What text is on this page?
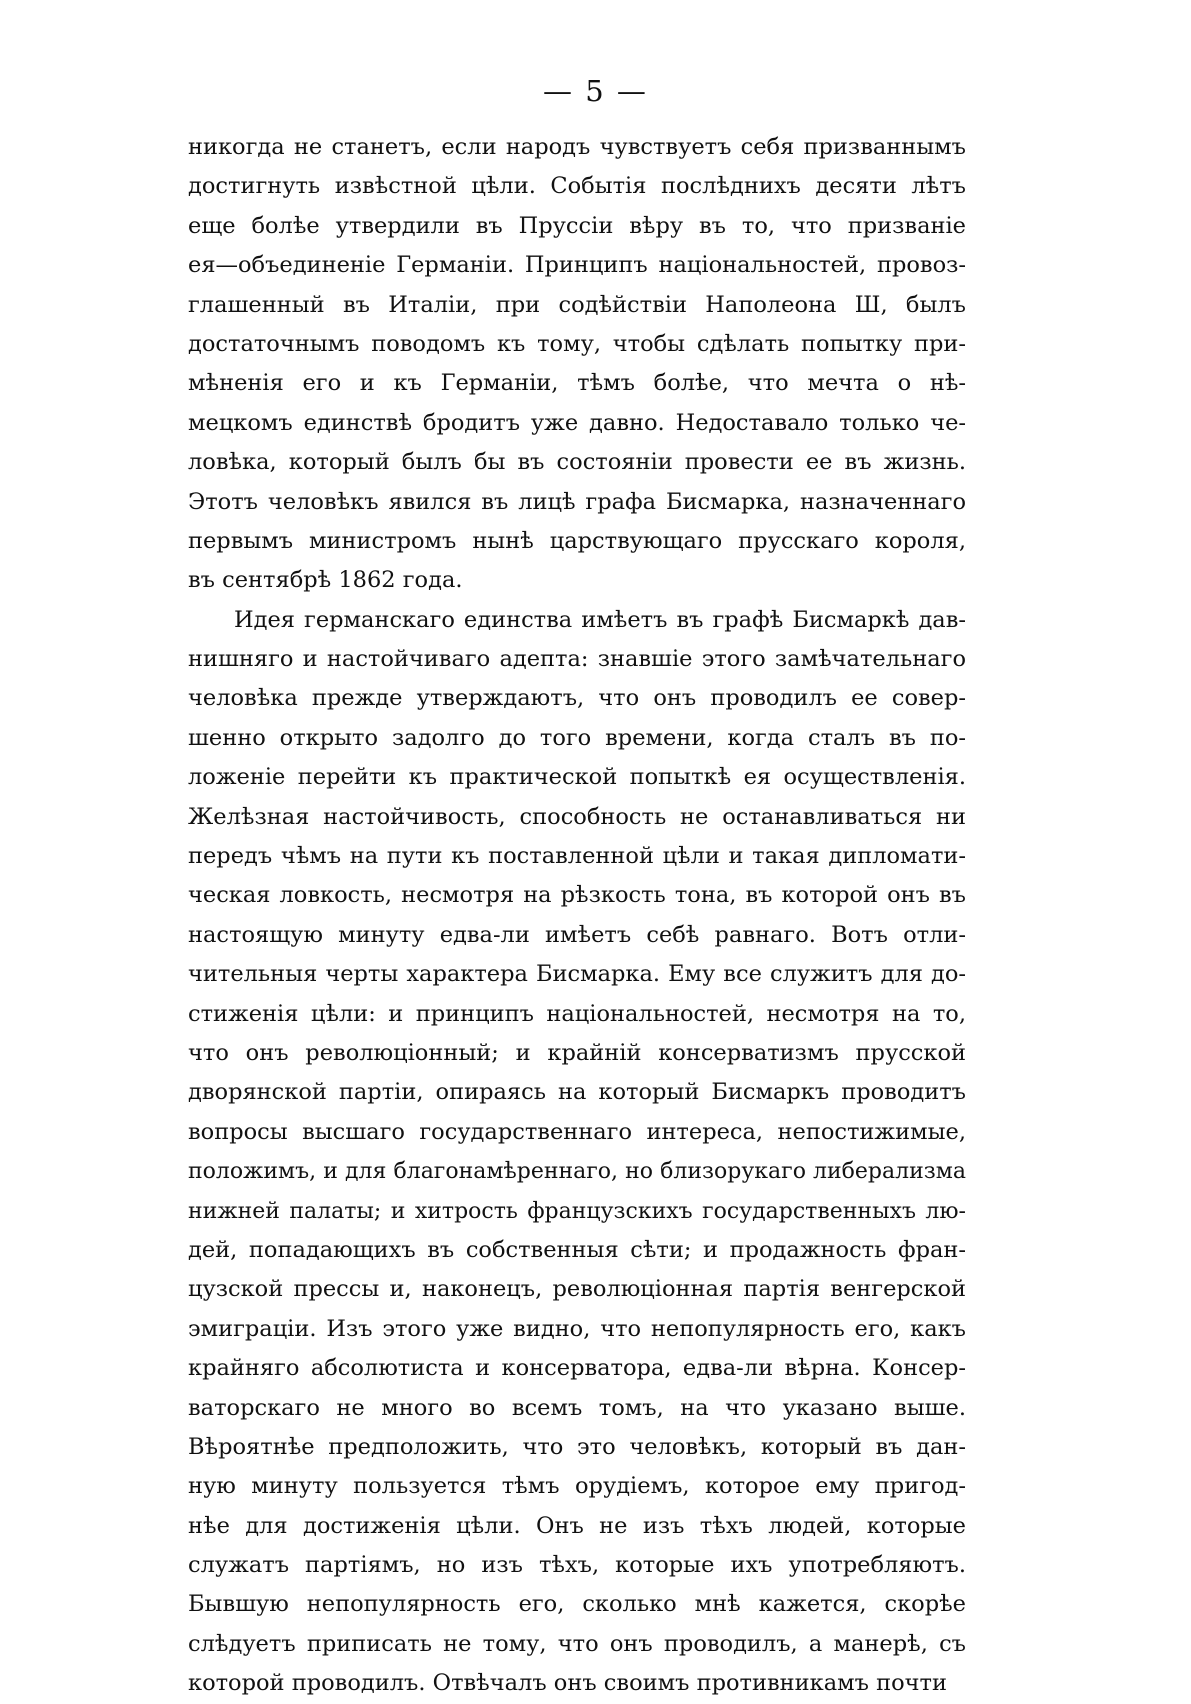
— 5 —
никогда не станетъ, если народъ чувствуетъ себя призваннымъ
достигнуть извѣстной цѣли. Событія послѣднихъ десяти лѣтъ
еще болѣе утвердили въ Пруссіи вѣру въ то, что призваніе
ея—объединеніе Германіи. Принципъ національностей, провоз-
глашенный въ Италіи, при содѣйствіи Наполеона Ш, былъ
достаточнымъ поводомъ къ тому, чтобы сдѣлать попытку при-
мѣненія его и къ Германіи, тѣмъ болѣе, что мечта о нѣ-
мецкомъ единствѣ бродитъ уже давно. Недоставало только че-
ловѣка, который былъ бы въ состояніи провести ее въ жизнь.
Этотъ человѣкъ явился въ лицѣ графа Бисмарка, назначеннаго
первымъ министромъ нынѣ царствующаго прусскаго короля,
въ сентябрѣ 1862 года.
Идея германскаго единства имѣетъ въ графѣ Бисмаркѣ дав-
нишняго и настойчиваго адепта: знавшіе этого замѣчательнаго
человѣка прежде утверждаютъ, что онъ проводилъ ее совер-
шенно открыто задолго до того времени, когда сталъ въ по-
ложеніе перейти къ практической попыткѣ ея осуществленія.
Желѣзная настойчивость, способность не останавливаться ни
передъ чѣмъ на пути къ поставленной цѣли и такая дипломати-
ческая ловкость, несмотря на рѣзкость тона, въ которой онъ въ
настоящую минуту едва-ли имѣетъ себѣ равнаго. Вотъ отли-
чительныя черты характера Бисмарка. Ему все служитъ для до-
стиженія цѣли: и принципъ національностей, несмотря на то,
что онъ революціонный; и крайній консерватизмъ прусской
дворянской партіи, опираясь на который Бисмаркъ проводитъ
вопросы высшаго государственнаго интереса, непостижимые,
положимъ, и для благонамѣреннаго, но близорукаго либерализма
нижней палаты; и хитрость французскихъ государственныхъ лю-
дей, попадающихъ въ собственныя сѣти; и продажность фран-
цузской прессы и, наконецъ, революціонная партія венгерской
эмиграціи. Изъ этого уже видно, что непопулярность его, какъ
крайняго абсолютиста и консерватора, едва-ли вѣрна. Консер-
ваторскаго не много во всемъ томъ, на что указано выше.
Вѣроятнѣе предположить, что это человѣкъ, который въ дан-
ную минуту пользуется тѣмъ орудіемъ, которое ему пригод-
нѣе для достиженія цѣли. Онъ не изъ тѣхъ людей, которые
служатъ партіямъ, но изъ тѣхъ, которые ихъ употребляютъ.
Бывшую непопулярность его, сколько мнѣ кажется, скорѣе
слѣдуетъ приписать не тому, что онъ проводилъ, а манерѣ, съ
которой проводилъ. Отвѣчалъ онъ своимъ противникамъ почти
